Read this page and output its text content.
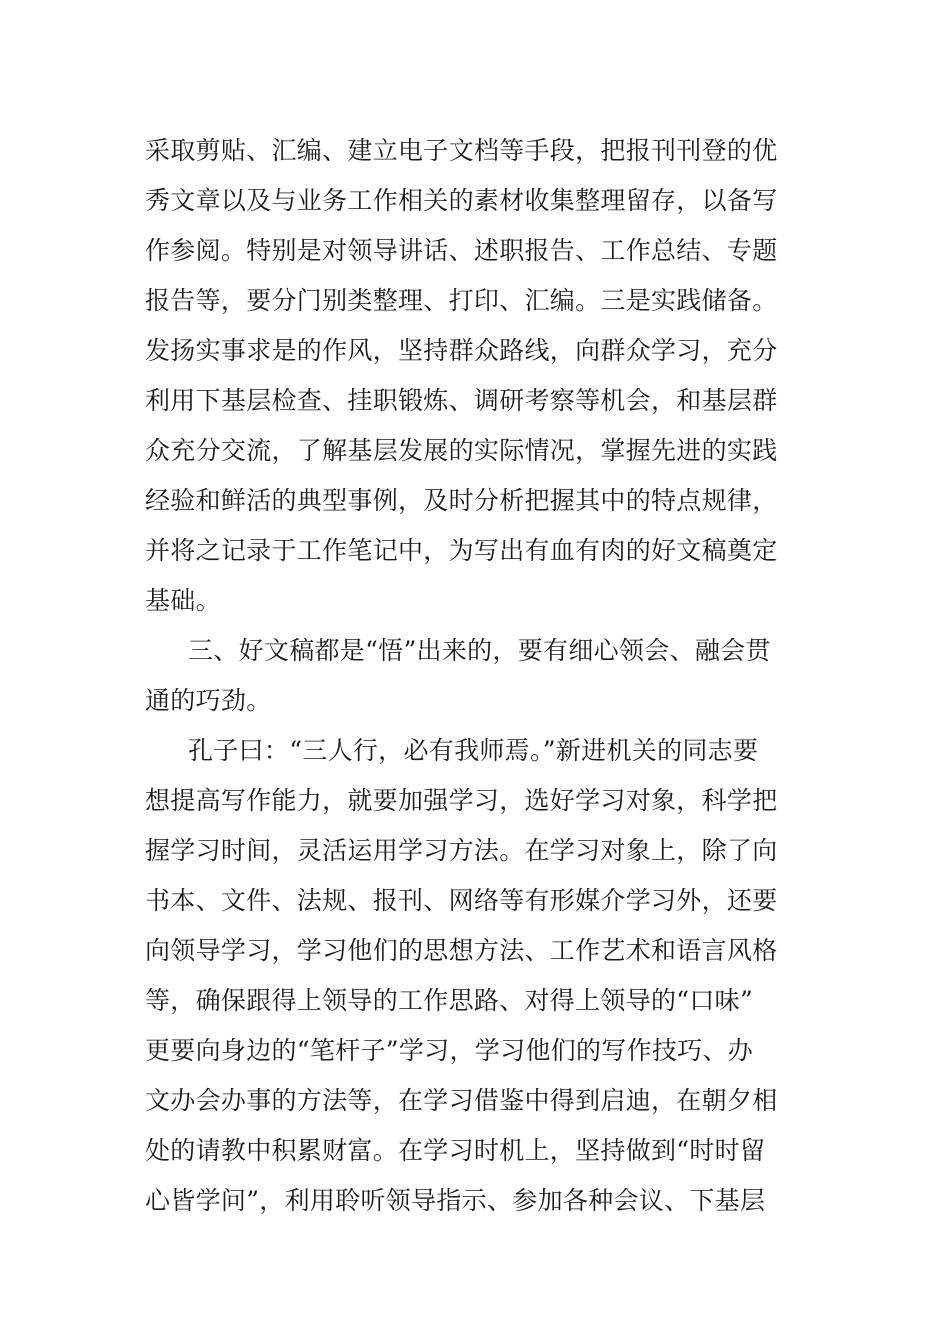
采取剪贴、汇编、建立电子文档等手段，把报刊刊登的优
秀文章以及与业务工作相关的素材收集整理留存，以备写
作参阅。特别是对领导讲话、述职报告、工作总结、专题
报告等，要分门别类整理、打印、汇编。三是实践储备。
发扬实事求是的作风，坚持群众路线，向群众学习，充分
利用下基层检查、挂职锻炼、调研考察等机会，和基层群
众充分交流，了解基层发展的实际情况，掌握先进的实践
经验和鲜活的典型事例，及时分析把握其中的特点规律，
并将之记录于工作笔记中，为写出有血有肉的好文稿奠定
基础。
三、好文稿都是“悟”出来的，要有细心领会、融会贯
通的巧劲。
孔子曰：“三人行，必有我师焉。”新进机关的同志要
想提高写作能力，就要加强学习，选好学习对象，科学把
握学习时间，灵活运用学习方法。在学习对象上，除了向
书本、文件、法规、报刊、网络等有形媒介学习外，还要
向领导学习，学习他们的思想方法、工作艺术和语言风格
等，确保跟得上领导的工作思路、对得上领导的“口味”
更要向身边的“笔杆子”学习，学习他们的写作技巧、办
文办会办事的方法等，在学习借鉴中得到启迪，在朝夕相
处的请教中积累财富。在学习时机上，坚持做到“时时留
心皆学问”，利用聆听领导指示、参加各种会议、下基层
